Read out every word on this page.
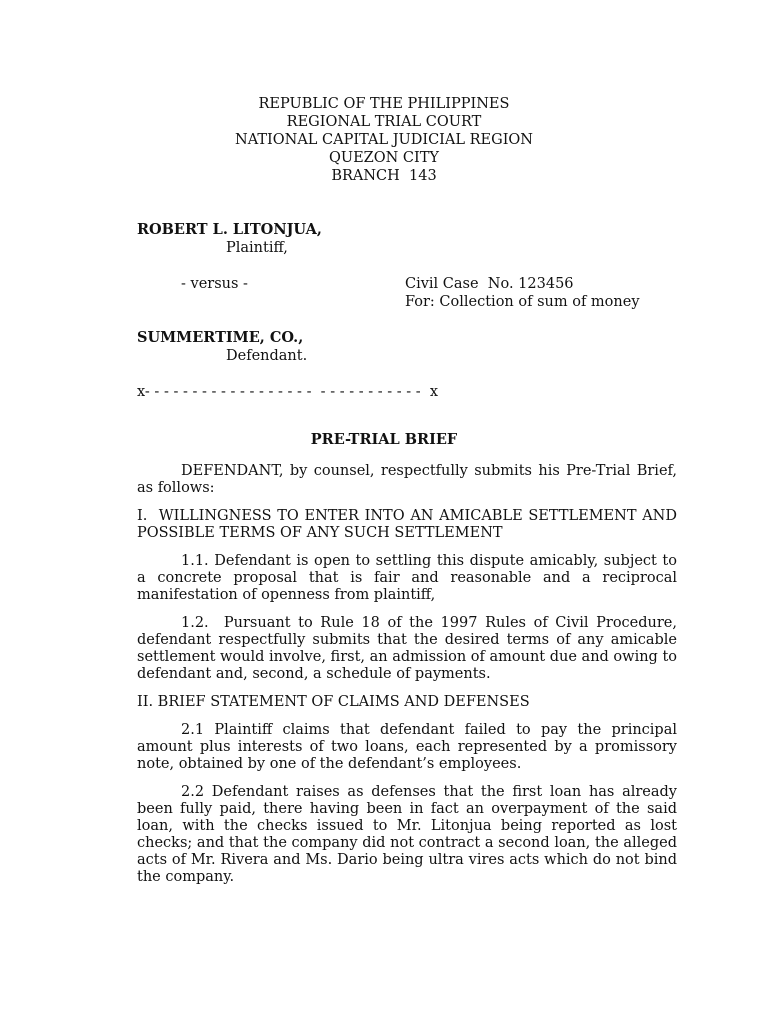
REPUBLIC OF THE PHILIPPINES
REGIONAL TRIAL COURT
NATIONAL CAPITAL JUDICIAL REGION
QUEZON CITY
BRANCH  143
ROBERT L. LITONJUA,
Plaintiff,
- versus -	Civil Case  No. 123456
For: Collection of sum of money
SUMMERTIME, CO.,
Defendant.
x- - - - - - - - - - - - - - - - - -  - - - - - - - - - - -  x
PRE-TRIAL BRIEF

DEFENDANT, by counsel, respectfully submits his Pre-Trial Brief, as follows:

I.  WILLINGNESS TO ENTER INTO AN AMICABLE SETTLEMENT AND POSSIBLE TERMS OF ANY SUCH SETTLEMENT

1.1. Defendant is open to settling this dispute amicably, subject to a concrete proposal that is fair and reasonable and a reciprocal manifestation of openness from plaintiff,

1.2.  Pursuant to Rule 18 of the 1997 Rules of Civil Procedure, defendant respectfully submits that the desired terms of any amicable settlement would involve, first, an admission of amount due and owing to defendant and, second, a schedule of payments.

II. BRIEF STATEMENT OF CLAIMS AND DEFENSES

2.1 Plaintiff claims that defendant failed to pay the principal amount plus interests of two loans, each represented by a promissory note, obtained by one of the defendant’s employees.

2.2 Defendant raises as defenses that the first loan has already been fully paid, there having been in fact an overpayment of the said loan, with the checks issued to Mr. Litonjua being reported as lost checks; and that the company did not contract a second loan, the alleged acts of Mr. Rivera and Ms. Dario being ultra vires acts which do not bind the company.
